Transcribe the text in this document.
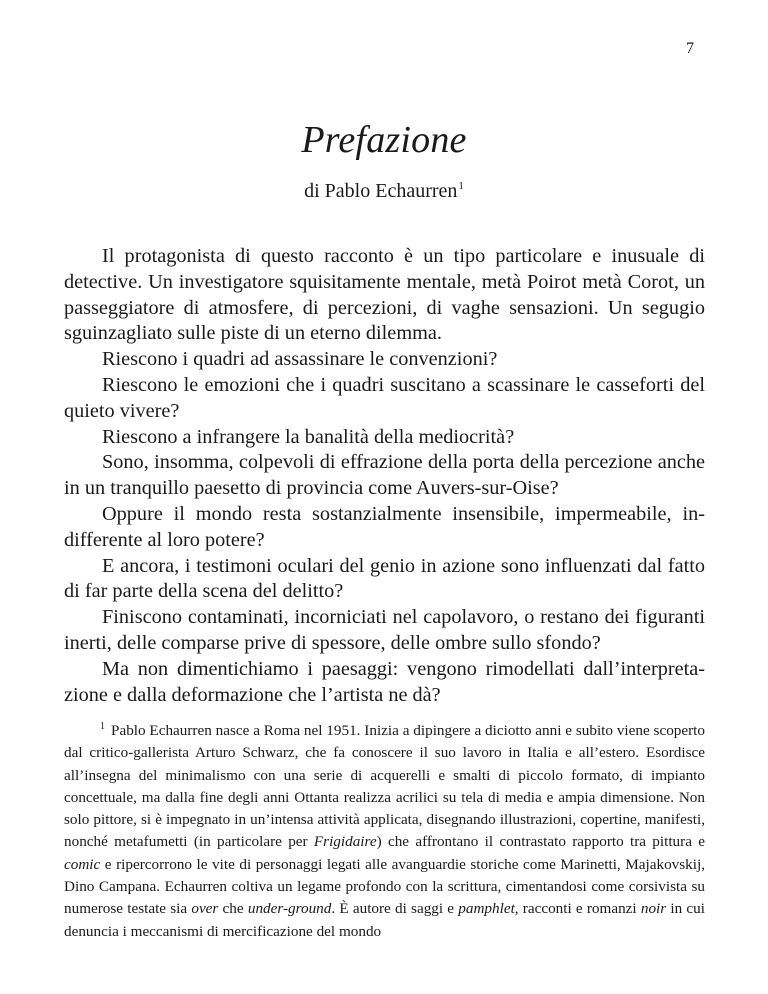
7
Prefazione
di Pablo Echaurren$^1$

Il protagonista di questo racconto è un tipo particolare e inusuale di detective. Un investigatore squisitamente mentale, metà Poirot metà Corot, un passeggiatore di atmosfere, di percezioni, di vaghe sensazioni. Un segugio sguinzagliato sulle piste di un eterno dilemma.

Riescono i quadri ad assassinare le convenzioni?

Riescono le emozioni che i quadri suscitano a scassinare le casseforti del quieto vivere?

Riescono a infrangere la banalità della mediocrità?

Sono, insomma, colpevoli di effrazione della porta della percezione anche in un tranquillo paesetto di provincia come Auvers-sur-Oise?

Oppure il mondo resta sostanzialmente insensibile, impermeabile, indifferente al loro potere?

E ancora, i testimoni oculari del genio in azione sono influenzati dal fatto di far parte della scena del delitto?

Finiscono contaminati, incorniciati nel capolavoro, o restano dei figuranti inerti, delle comparse prive di spessore, delle ombre sullo sfondo?

Ma non dimentichiamo i paesaggi: vengono rimodellati dall’interpretazione e dalla deformazione che l’artista ne dà?

$^1$ Pablo Echaurren nasce a Roma nel 1951. Inizia a dipingere a diciotto anni e subito viene scoperto dal critico-gallerista Arturo Schwarz, che fa conoscere il suo lavoro in Italia e all’estero. Esordisce all’insegna del minimalismo con una serie di acquerelli e smalti di piccolo formato, di impianto concettuale, ma dalla fine degli anni Ottanta realizza acrilici su tela di media e ampia dimensione. Non solo pittore, si è impegnato in un’intensa attività applicata, disegnando illustrazioni, copertine, manifesti, nonché metafumetti (in particolare per Frigidaire) che affrontano il contrastato rapporto tra pittura e comic e ripercorrono le vite di personaggi legati alle avanguardie storiche come Marinetti, Majakovskij, Dino Campana. Echaurren coltiva un legame profondo con la scrittura, cimentandosi come corsivista su numerose testate sia over che under-ground. È autore di saggi e pamphlet, racconti e romanzi noir in cui denuncia i meccanismi di mercificazione del mondo
